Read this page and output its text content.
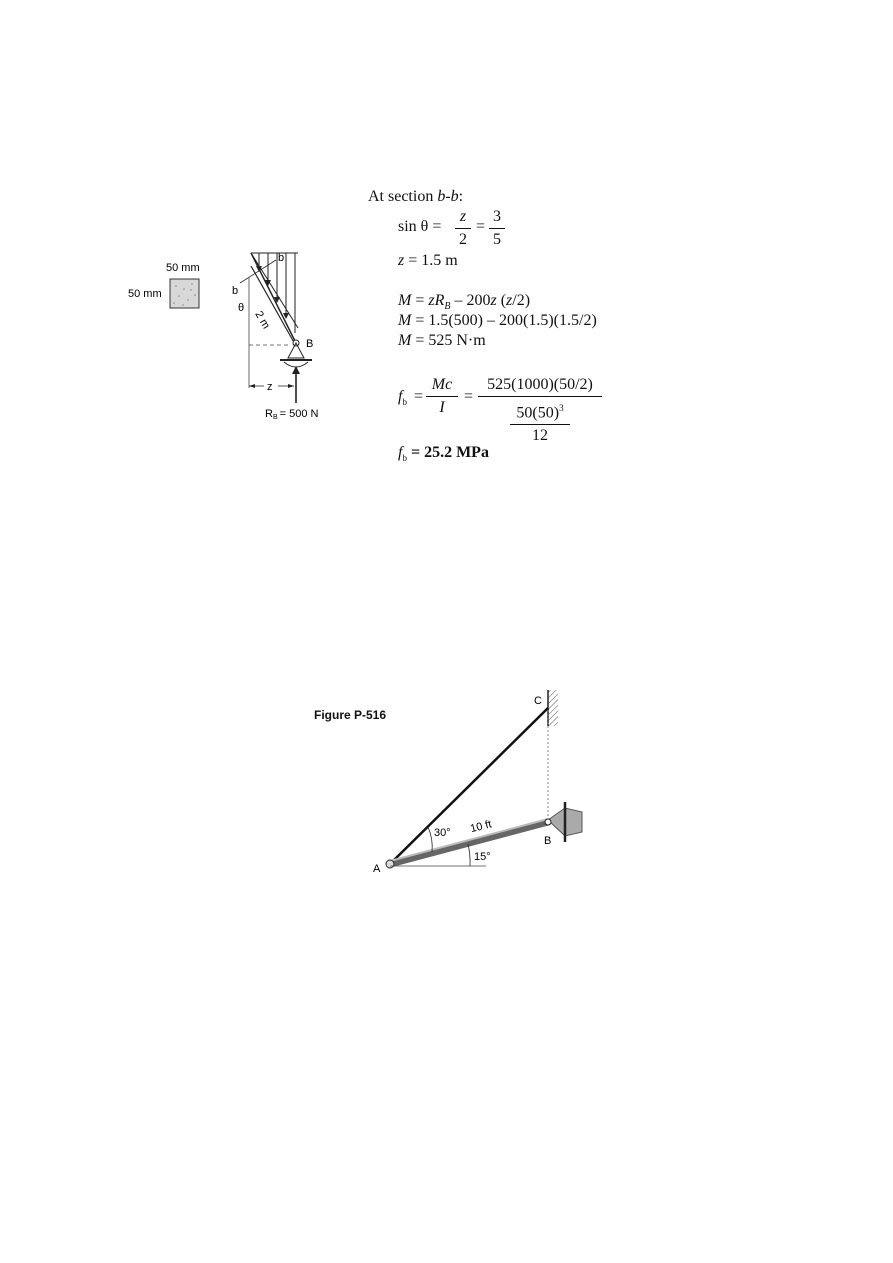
50 mm
50 mm
b
b
θ
2 m
B
z
RB = 500 N
At section b-b:
sin θ =
z
2
=
3
5
z = 1.5 m
$M = zR_B - 200z$ (z/2)
M = 1.5(500) – 200(1.5)(1.5/2)
M = 525 N·m
$f_b$ =
Mc
I
=
525(1000)(50/2)
$50(50)^3$
12
$f_b = 25.2$ MPa
Figure P-516
C
B
A
30° 10 ft
15°
